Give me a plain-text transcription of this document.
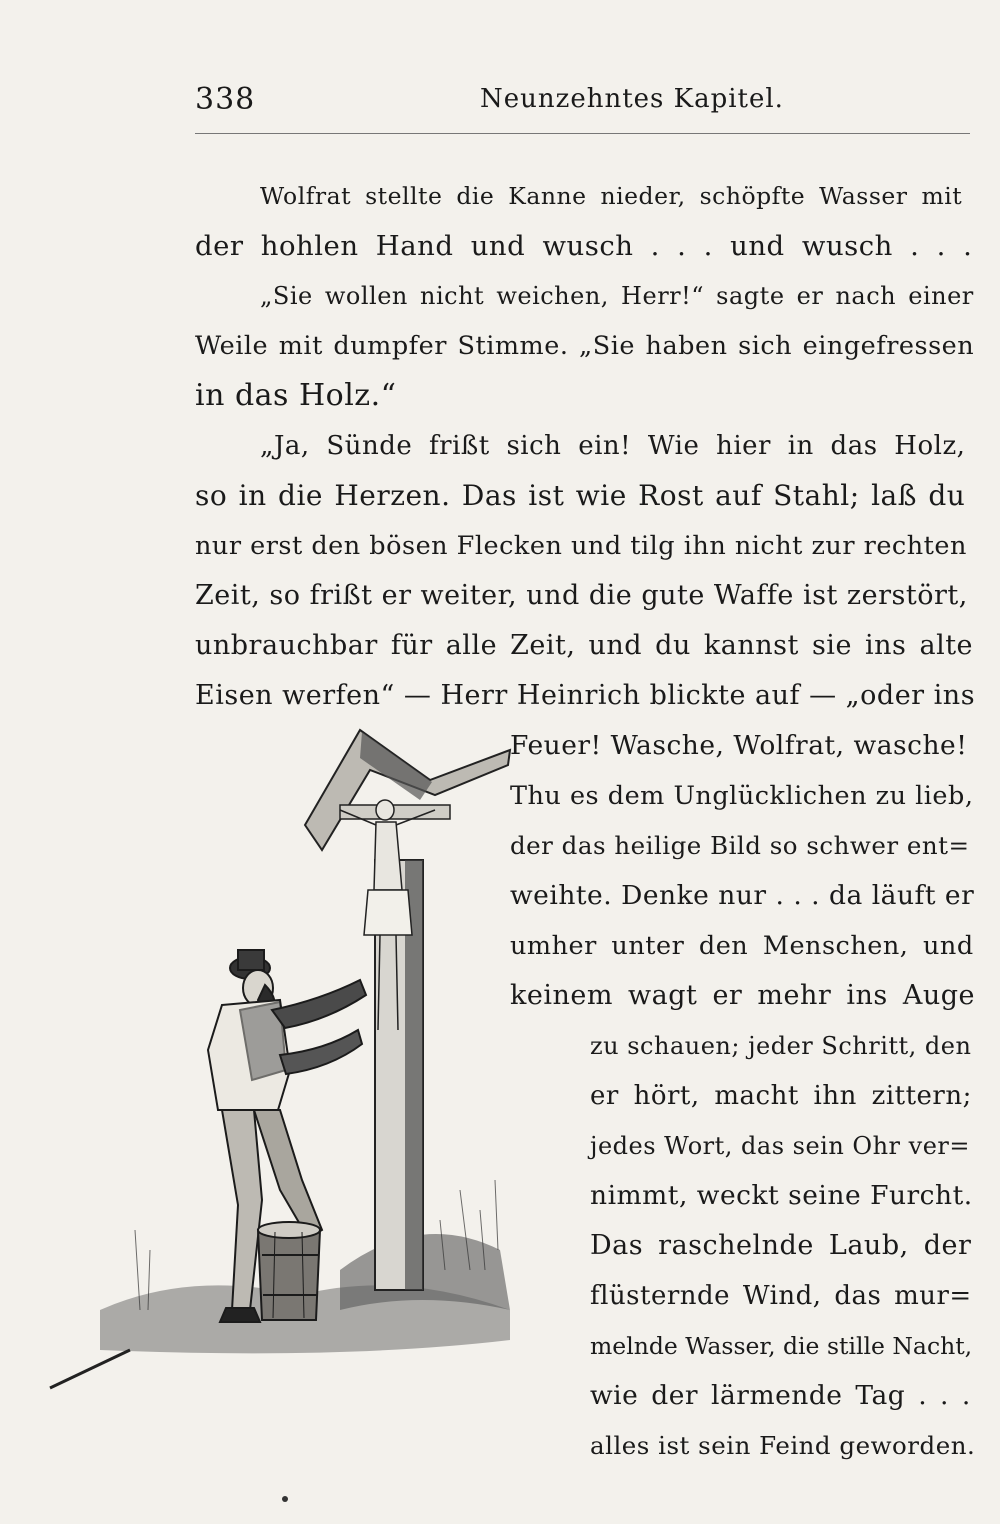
338	Neunzehntes Kapitel.
Wolfrat stellte die Kanne nieder, schöpfte Wasser mit
der hohlen Hand und wusch . . . und wusch . . .
„Sie wollen nicht weichen, Herr!“ sagte er nach einer
Weile mit dumpfer Stimme. „Sie haben sich eingefressen
in das Holz.“
„Ja, Sünde frißt sich ein! Wie hier in das Holz,
so in die Herzen. Das ist wie Rost auf Stahl; laß du
nur erst den bösen Flecken und tilg ihn nicht zur rechten
Zeit, so frißt er weiter, und die gute Waffe ist zerstört,
unbrauchbar für alle Zeit, und du kannst sie ins alte
Eisen werfen“ — Herr Heinrich blickte auf — „oder ins
Feuer! Wasche, Wolfrat, wasche!
Thu es dem Unglücklichen zu lieb,
der das heilige Bild so schwer ent=
weihte. Denke nur . . . da läuft er
umher unter den Menschen, und
keinem wagt er mehr ins Auge
zu schauen; jeder Schritt, den
er hört, macht ihn zittern;
jedes Wort, das sein Ohr ver=
nimmt, weckt seine Furcht.
Das raschelnde Laub, der
flüsternde Wind, das mur=
melnde Wasser, die stille Nacht,
wie der lärmende Tag . . .
alles ist sein Feind geworden.
